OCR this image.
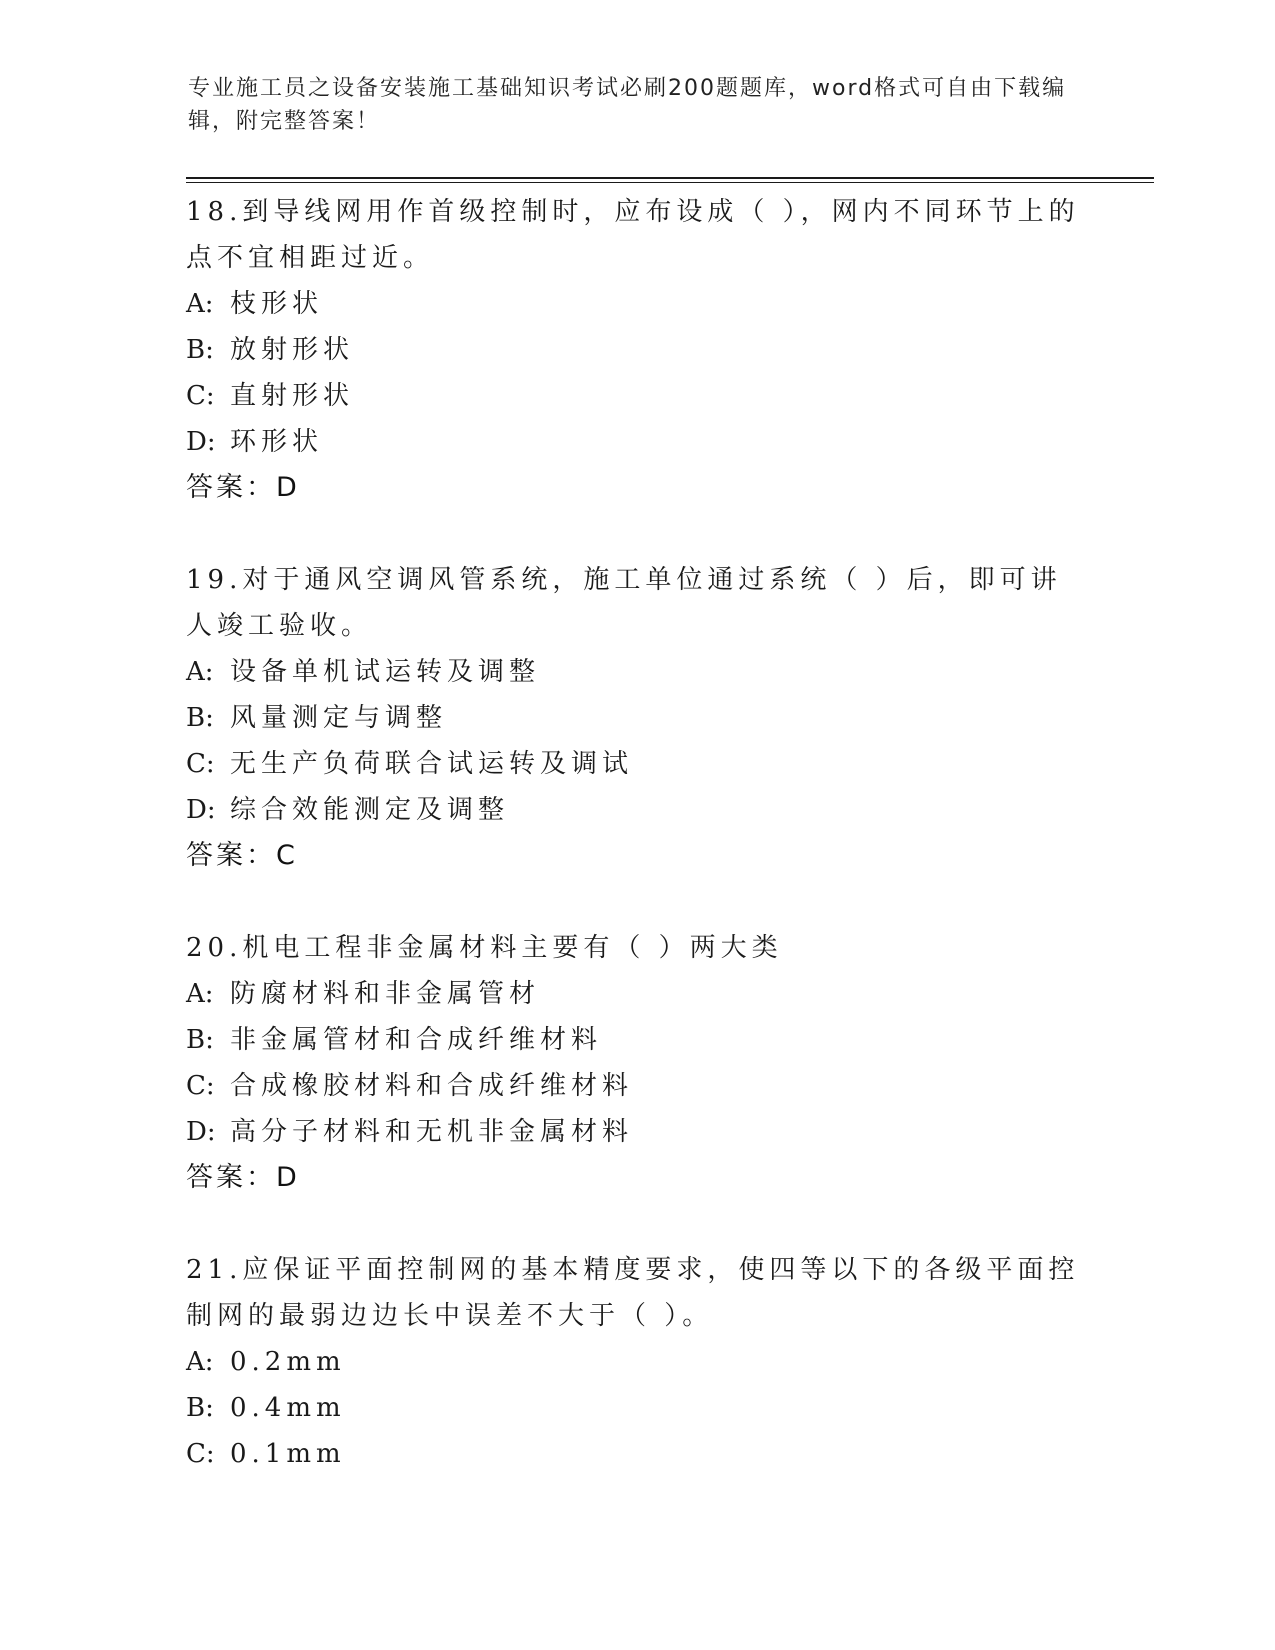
专业施工员之设备安装施工基础知识考试必刷200题题库，word格式可自由下载编辑，附完整答案！
18.到导线网用作首级控制时，应布设成（ ），网内不同环节上的点不宜相距过近。
A: 枝形状
B: 放射形状
C: 直射形状
D: 环形状
答案：D
19.对于通风空调风管系统，施工单位通过系统（ ）后，即可讲人竣工验收。
A: 设备单机试运转及调整
B: 风量测定与调整
C: 无生产负荷联合试运转及调试
D: 综合效能测定及调整
答案：C
20.机电工程非金属材料主要有（ ）两大类
A: 防腐材料和非金属管材
B: 非金属管材和合成纤维材料
C: 合成橡胶材料和合成纤维材料
D: 高分子材料和无机非金属材料
答案：D
21.应保证平面控制网的基本精度要求，使四等以下的各级平面控制网的最弱边边长中误差不大于（ ）。
A: 0.2mm
B: 0.4mm
C: 0.1mm
